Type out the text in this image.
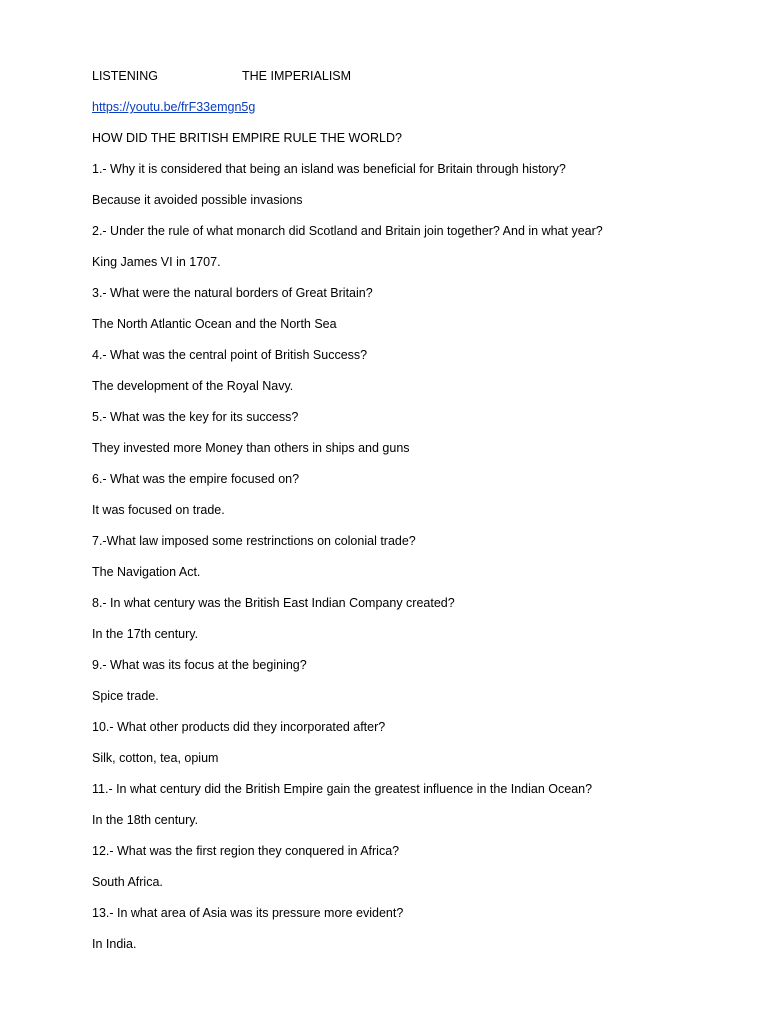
LISTENING	THE IMPERIALISM
https://youtu.be/frF33emgn5g
HOW DID THE BRITISH EMPIRE RULE THE WORLD?
1.- Why it is considered that being an island was beneficial for Britain through history?
Because it avoided possible invasions
2.- Under the rule of what monarch did Scotland and Britain join together? And in what year?
King James VI in 1707.
3.- What were the natural borders of Great Britain?
The North Atlantic Ocean and the North Sea
4.- What was the central point of British Success?
The development of the Royal Navy.
5.- What was the key for its success?
They invested more Money than others in ships and guns
6.- What was the empire focused on?
It was focused on trade.
7.-What law imposed some restrinctions on colonial trade?
The Navigation Act.
8.- In what century was the British East Indian Company created?
In the 17th century.
9.- What was its focus at the begining?
Spice trade.
10.- What other products did they incorporated after?
Silk, cotton, tea, opium
11.- In what century did the British Empire gain the greatest influence in the Indian Ocean?
In the 18th century.
12.- What was the first region they conquered in Africa?
South Africa.
13.- In what area of Asia was its pressure more evident?
In India.
